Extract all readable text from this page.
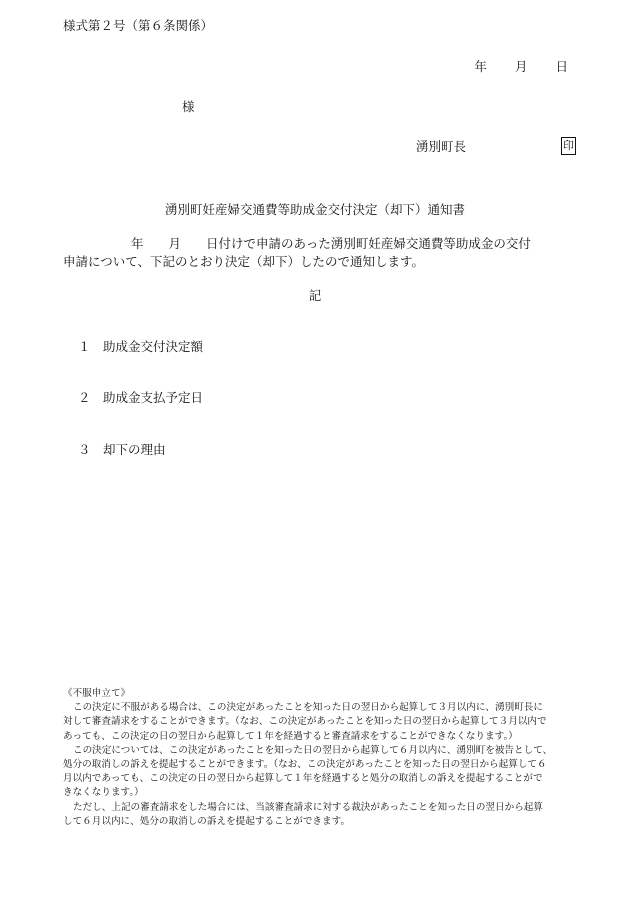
様式第２号（第６条関係）
年 月 日
様
湧別町長	印
湧別町妊産婦交通費等助成金交付決定（却下）通知書
年　　月　　日付けで申請のあった湧別町妊産婦交通費等助成金の交付
申請について、下記のとおり決定（却下）したので通知します。
記
１ 助成金交付決定額
２ 助成金支払予定日
３ 却下の理由
《不服申立て》
この決定に不服がある場合は、この決定があったことを知った日の翌日から起算して３月以内に、湧別町長に
対して審査請求をすることができます。（なお、この決定があったことを知った日の翌日から起算して３月以内で
あっても、この決定の日の翌日から起算して１年を経過すると審査請求をすることができなくなります。）
この決定については、この決定があったことを知った日の翌日から起算して６月以内に、湧別町を被告として、
処分の取消しの訴えを提起することができます。（なお、この決定があったことを知った日の翌日から起算して６
月以内であっても、この決定の日の翌日から起算して１年を経過すると処分の取消しの訴えを提起することがで
きなくなります。）
ただし、上記の審査請求をした場合には、当該審査請求に対する裁決があったことを知った日の翌日から起算
して６月以内に、処分の取消しの訴えを提起することができます。
